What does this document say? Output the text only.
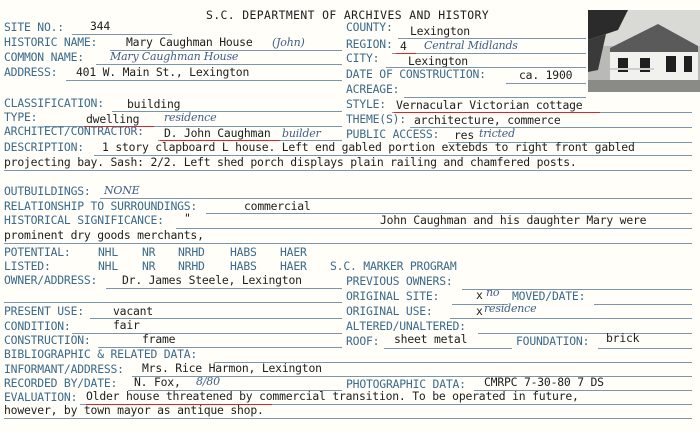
S.C. DEPARTMENT OF ARCHIVES AND HISTORY
SITE NO.: 344	COUNTY: Lexington
HISTORIC NAME:	Mary Caughman House (John)	REGION: 4 Central Midlands
COMMON NAME: Mary Caughman House	CITY:	Lexington
ADDRESS: 401 W. Main St., Lexington	DATE OF CONSTRUCTION:	ca. 1900
ACREAGE:
CLASSIFICATION: building	STYLE: Vernacular Victorian cottage
TYPE:	dwelling residence	THEME(S): architecture, commerce
ARCHITECT/CONTRACTOR: D. John Caughman builder PUBLIC ACCESS: res tricted
DESCRIPTION: 1 story clapboard L house. Left end gabled portion extebds to right front gabled
projecting bay. Sash: 2/2. Left shed porch displays plain railing and chamfered posts.
OUTBUILDINGS: NONE
RELATIONSHIP TO SURROUNDINGS:	commercial
HISTORICAL SIGNIFICANCE: "	John Caughman and his daughter Mary were
prominent dry goods merchants,
POTENTIAL: NHL NR NRHD HABS HAER
LISTED:	NHL NR NRHD HABS HAER S.C. MARKER PROGRAM
OWNER/ADDRESS: Dr. James Steele, Lexington	PREVIOUS OWNERS:
ORIGINAL SITE:	x no MOVED/DATE:
PRESENT USE:	vacant	ORIGINAL USE:	x residence
CONDITION:	fair	ALTERED/UNALTERED:
CONSTRUCTION:	frame	ROOF: sheet metal	FOUNDATION: brick
BIBLIOGRAPHIC & RELATED DATA:
INFORMANT/ADDRESS: Mrs. Rice Harmon, Lexington
RECORDED BY/DATE: N. Fox, 8/80	PHOTOGRAPHIC DATA: CMRPC 7-30-80 7 DS
EVALUATION: Older house threatened by commercial transition. To be operated in future,
however, by town mayor as antique shop.
